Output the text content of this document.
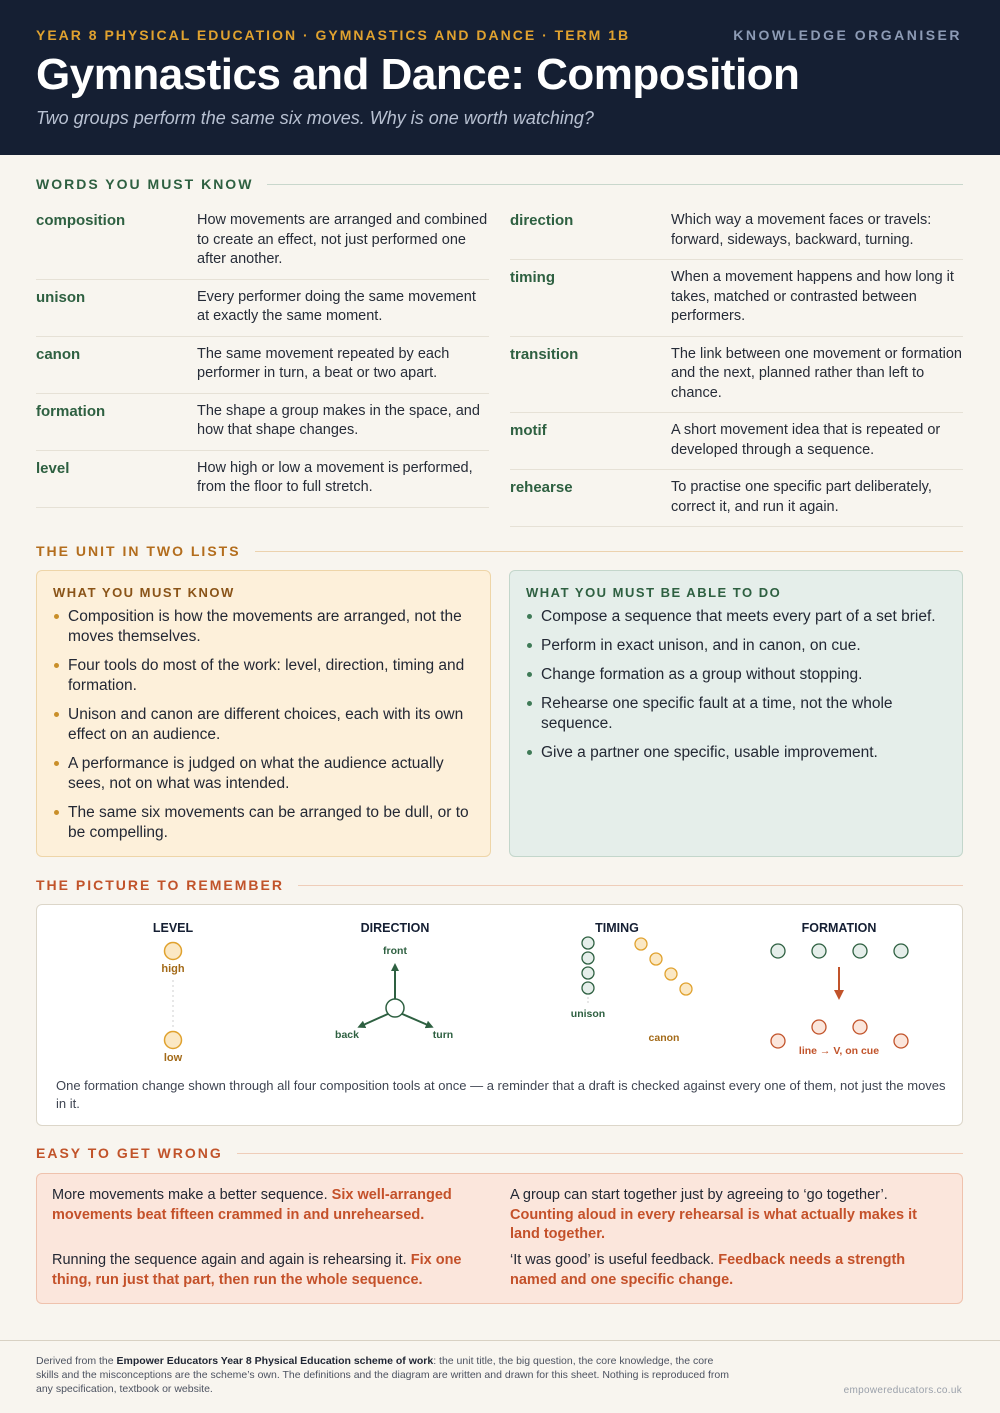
YEAR 8 PHYSICAL EDUCATION · GYMNASTICS AND DANCE · TERM 1B	KNOWLEDGE ORGANISER
Gymnastics and Dance: Composition
Two groups perform the same six moves. Why is one worth watching?
WORDS YOU MUST KNOW
composition	How movements are arranged and combined to create an effect, not just performed one after another.
unison	Every performer doing the same movement at exactly the same moment.
canon	The same movement repeated by each performer in turn, a beat or two apart.
formation	The shape a group makes in the space, and how that shape changes.
level	How high or low a movement is performed, from the floor to full stretch.
direction	Which way a movement faces or travels: forward, sideways, backward, turning.
timing	When a movement happens and how long it takes, matched or contrasted between performers.
transition	The link between one movement or formation and the next, planned rather than left to chance.
motif	A short movement idea that is repeated or developed through a sequence.
rehearse	To practise one specific part deliberately, correct it, and run it again.
THE UNIT IN TWO LISTS
WHAT YOU MUST KNOW
Composition is how the movements are arranged, not the moves themselves.
Four tools do most of the work: level, direction, timing and formation.
Unison and canon are different choices, each with its own effect on an audience.
A performance is judged on what the audience actually sees, not on what was intended.
The same six movements can be arranged to be dull, or to be compelling.
WHAT YOU MUST BE ABLE TO DO
Compose a sequence that meets every part of a set brief.
Perform in exact unison, and in canon, on cue.
Change formation as a group without stopping.
Rehearse one specific fault at a time, not the whole sequence.
Give a partner one specific, usable improvement.
THE PICTURE TO REMEMBER
LEVEL
high
low
DIRECTION
front
back	turn
TIMING
unison
canon
FORMATION
line → V, on cue
One formation change shown through all four composition tools at once — a reminder that a draft is checked against every one of them, not just the moves in it.
EASY TO GET WRONG
More movements make a better sequence. Six well-arranged movements beat fifteen crammed in and unrehearsed.
A group can start together just by agreeing to ‘go together’. Counting aloud in every rehearsal is what actually makes it land together.
Running the sequence again and again is rehearsing it. Fix one thing, run just that part, then run the whole sequence.
‘It was good’ is useful feedback. Feedback needs a strength named and one specific change.
Derived from the Empower Educators Year 8 Physical Education scheme of work: the unit title, the big question, the core knowledge, the core skills and the misconceptions are the scheme’s own. The definitions and the diagram are written and drawn for this sheet. Nothing is reproduced from any specification, textbook or website.	empowereducators.co.uk
